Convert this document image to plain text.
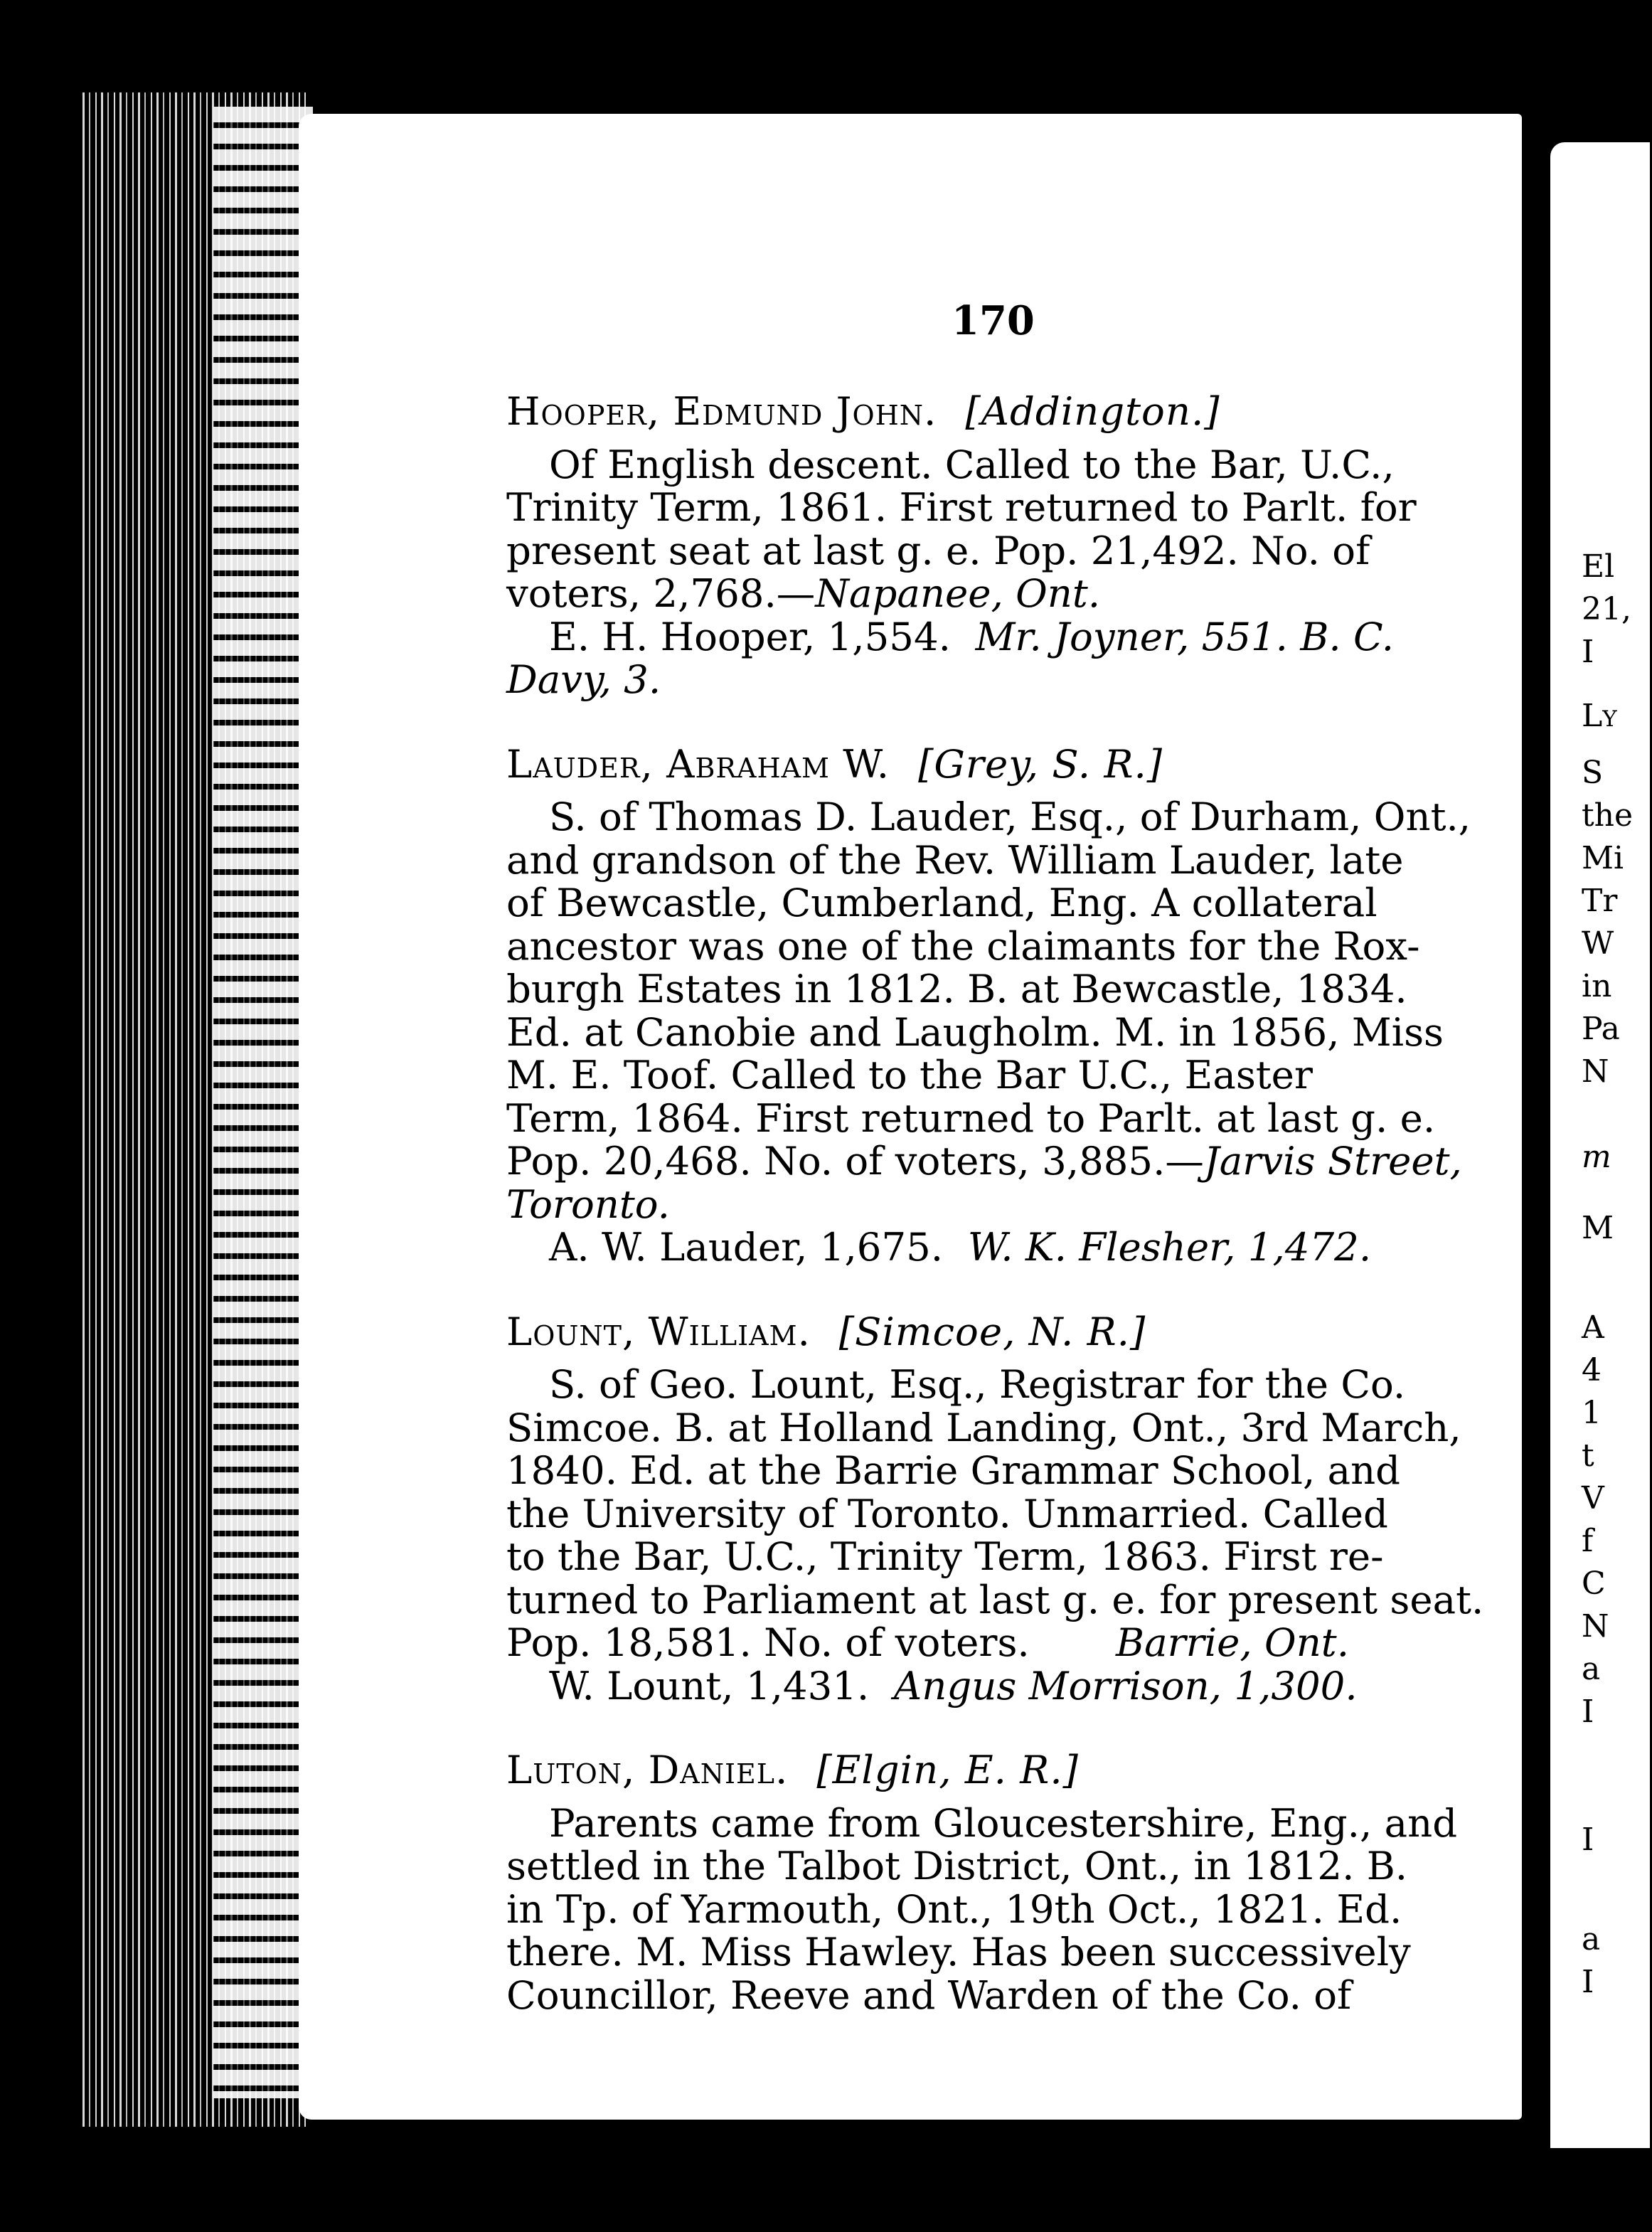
El
21,
I
Ly
S
the
Mi
Tr
W
in
Pa
N
m
M
A
4
1
t
V
f
C
N
a
I
I
a
I
170
Hooper, Edmund John. [Addington.]
Of English descent. Called to the Bar, U.C.,
Trinity Term, 1861. First returned to Parlt. for
present seat at last g. e. Pop. 21,492. No. of
voters, 2,768.—Napanee, Ont.
E. H. Hooper, 1,554. Mr. Joyner, 551. B. C.
Davy, 3.
Lauder, Abraham W. [Grey, S. R.]
S. of Thomas D. Lauder, Esq., of Durham, Ont.,
and grandson of the Rev. William Lauder, late
of Bewcastle, Cumberland, Eng. A collateral
ancestor was one of the claimants for the Rox-
burgh Estates in 1812. B. at Bewcastle, 1834.
Ed. at Canobie and Laugholm. M. in 1856, Miss
M. E. Toof. Called to the Bar U.C., Easter
Term, 1864. First returned to Parlt. at last g. e.
Pop. 20,468. No. of voters, 3,885.—Jarvis Street,
Toronto.
A. W. Lauder, 1,675. W. K. Flesher, 1,472.
Lount, William. [Simcoe, N. R.]
S. of Geo. Lount, Esq., Registrar for the Co.
Simcoe. B. at Holland Landing, Ont., 3rd March,
1840. Ed. at the Barrie Grammar School, and
the University of Toronto. Unmarried. Called
to the Bar, U.C., Trinity Term, 1863. First re-
turned to Parliament at last g. e. for present seat.
Pop. 18,581. No. of voters. Barrie, Ont.
W. Lount, 1,431. Angus Morrison, 1,300.
Luton, Daniel. [Elgin, E. R.]
Parents came from Gloucestershire, Eng., and
settled in the Talbot District, Ont., in 1812. B.
in Tp. of Yarmouth, Ont., 19th Oct., 1821. Ed.
there. M. Miss Hawley. Has been successively
Councillor, Reeve and Warden of the Co. of
